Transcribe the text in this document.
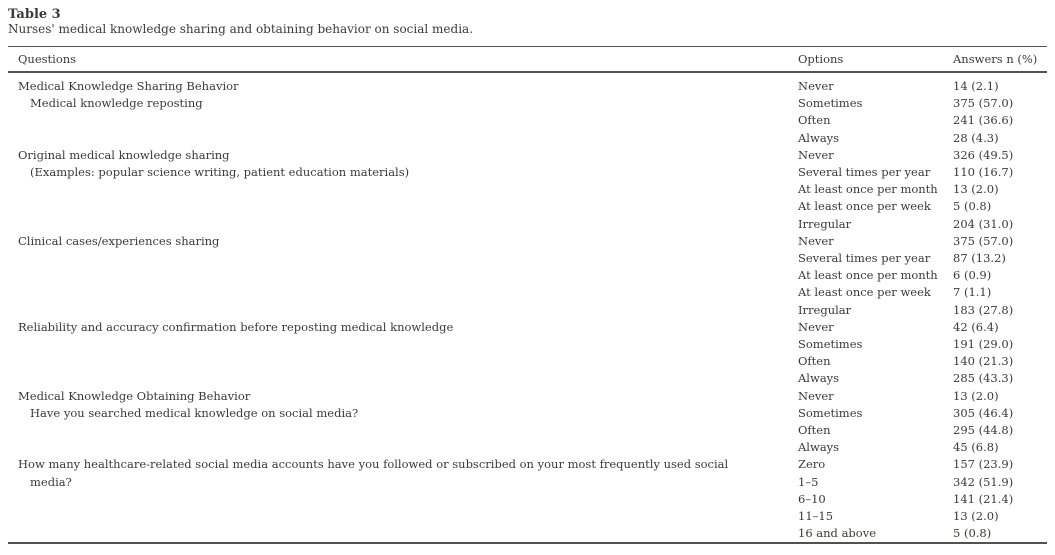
Table 3
Nurses' medical knowledge sharing and obtaining behavior on social media.
Questions	Options	Answers n (%)

Medical Knowledge Sharing Behavior
Medical knowledge reposting	Never	14 (2.1)
	Sometimes	375 (57.0)
	Often	241 (36.6)
	Always	28 (4.3)

Original medical knowledge sharing
(Examples: popular science writing, patient education materials)	Never	326 (49.5)
	Several times per year	110 (16.7)
	At least once per month	13 (2.0)
	At least once per week	5 (0.8)
	Irregular	204 (31.0)

Clinical cases/experiences sharing	Never	375 (57.0)
	Several times per year	87 (13.2)
	At least once per month	6 (0.9)
	At least once per week	7 (1.1)
	Irregular	183 (27.8)

Reliability and accuracy confirmation before reposting medical knowledge	Never	42 (6.4)
	Sometimes	191 (29.0)
	Often	140 (21.3)
	Always	285 (43.3)

Medical Knowledge Obtaining Behavior
Have you searched medical knowledge on social media?	Never	13 (2.0)
	Sometimes	305 (46.4)
	Often	295 (44.8)
	Always	45 (6.8)

How many healthcare-related social media accounts have you followed or subscribed on your most frequently used social
media?	Zero	157 (23.9)
	1–5	342 (51.9)
	6–10	141 (21.4)
	11–15	13 (2.0)
	16 and above	5 (0.8)
